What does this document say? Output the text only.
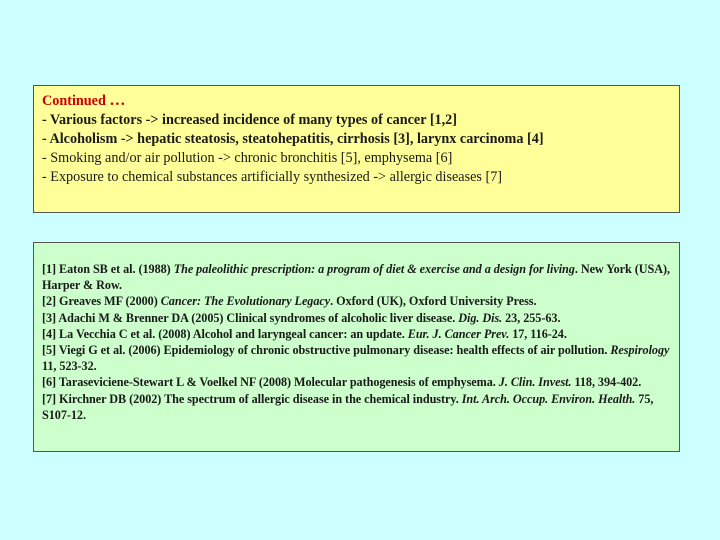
Continued …

- Various factors -> increased incidence of many types of cancer [1,2]

- Alcoholism -> hepatic steatosis, steatohepatitis, cirrhosis [3], larynx carcinoma [4]

- Smoking and/or air pollution -> chronic bronchitis [5], emphysema [6]

- Exposure to chemical substances artificially synthesized -> allergic diseases [7]

[1] Eaton SB et al. (1988) The paleolithic prescription: a program of diet & exercise and a design for living. New York (USA), Harper & Row.

[2] Greaves MF (2000) Cancer: The Evolutionary Legacy. Oxford (UK), Oxford University Press.

[3] Adachi M & Brenner DA (2005) Clinical syndromes of alcoholic liver disease. Dig. Dis. 23, 255-63.

[4] La Vecchia C et al. (2008) Alcohol and laryngeal cancer: an update. Eur. J. Cancer Prev. 17, 116-24.

[5] Viegi G et al. (2006) Epidemiology of chronic obstructive pulmonary disease: health effects of air pollution. Respirology 11, 523-32.

[6] Taraseviciene-Stewart L & Voelkel NF (2008) Molecular pathogenesis of emphysema. J. Clin. Invest. 118, 394-402.

[7] Kirchner DB (2002) The spectrum of allergic disease in the chemical industry. Int. Arch. Occup. Environ. Health. 75, S107-12.
